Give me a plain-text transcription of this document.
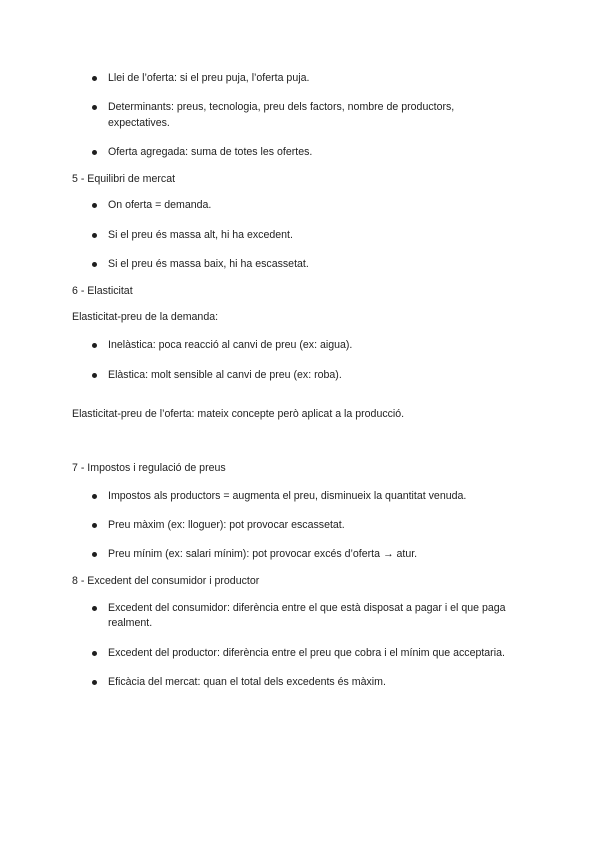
Llei de l’oferta: si el preu puja, l’oferta puja.
Determinants: preus, tecnologia, preu dels factors, nombre de productors,
expectatives.
Oferta agregada: suma de totes les ofertes.
5 - Equilibri de mercat
On oferta = demanda.
Si el preu és massa alt, hi ha excedent.
Si el preu és massa baix, hi ha escassetat.
6 - Elasticitat
Elasticitat-preu de la demanda:
Inelàstica: poca reacció al canvi de preu (ex: aigua).
Elàstica: molt sensible al canvi de preu (ex: roba).
Elasticitat-preu de l’oferta: mateix concepte però aplicat a la producció.
7 - Impostos i regulació de preus
Impostos als productors = augmenta el preu, disminueix la quantitat venuda.
Preu màxim (ex: lloguer): pot provocar escassetat.
Preu mínim (ex: salari mínim): pot provocar excés d’oferta → atur.
8 - Excedent del consumidor i productor
Excedent del consumidor: diferència entre el que està disposat a pagar i el que paga
realment.
Excedent del productor: diferència entre el preu que cobra i el mínim que acceptaria.
Eficàcia del mercat: quan el total dels excedents és màxim.
